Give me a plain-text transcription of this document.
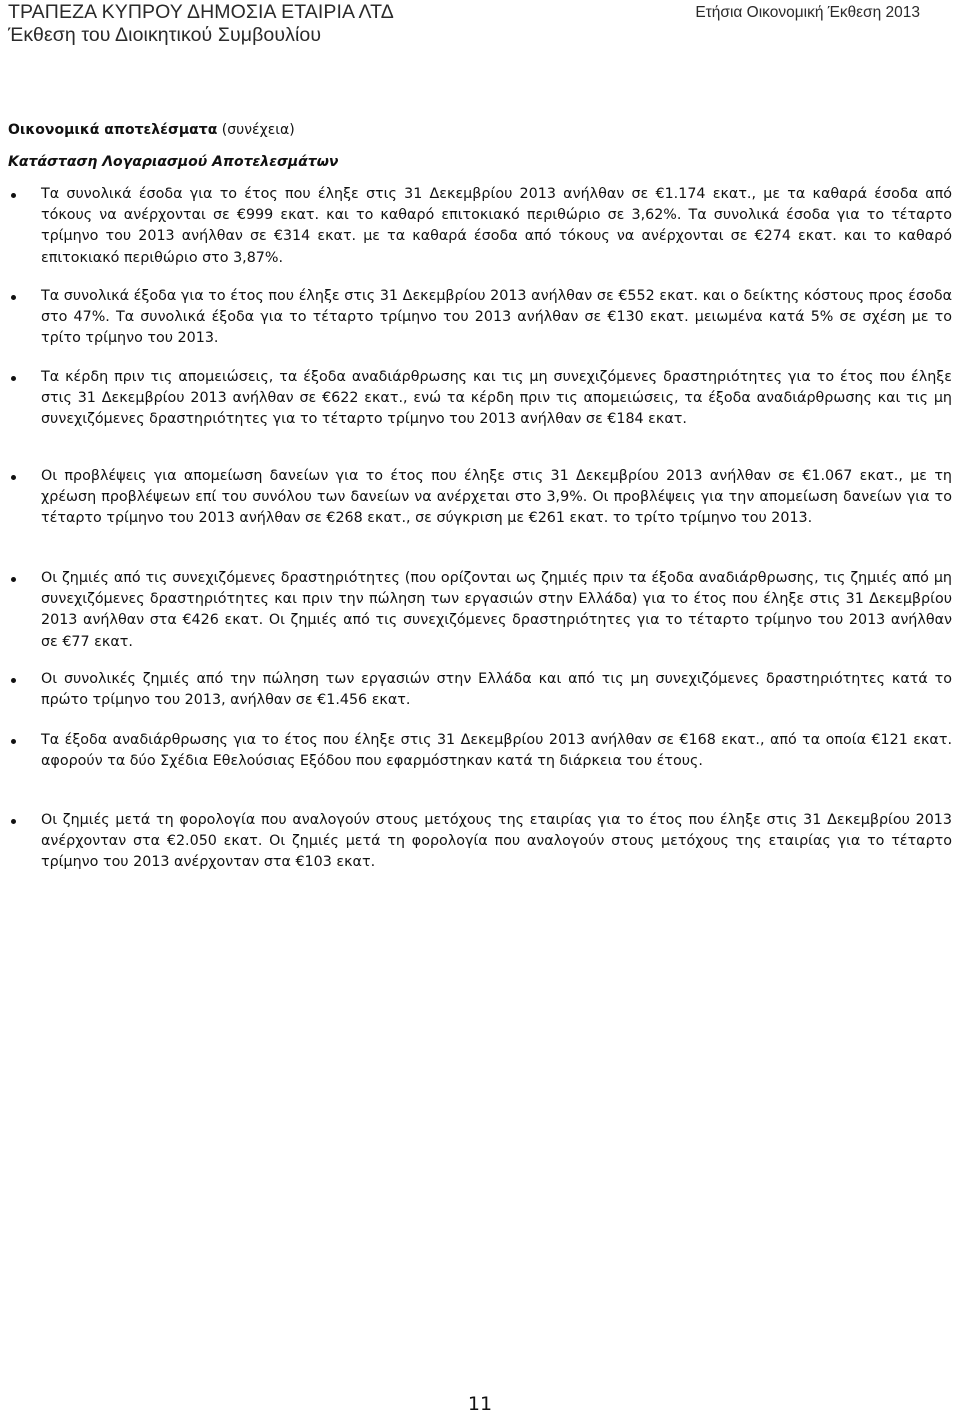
ΤΡΑΠΕΖΑ ΚΥΠΡΟΥ ΔΗΜΟΣΙΑ ΕΤΑΙΡΙΑ ΛΤΔ
Έκθεση του Διοικητικού Συμβουλίου
Ετήσια Οικονομική Έκθεση 2013
Οικονομικά αποτελέσματα (συνέχεια)
Κατάσταση Λογαριασμού Αποτελεσμάτων
Τα συνολικά έσοδα για το έτος που έληξε στις 31 Δεκεμβρίου 2013 ανήλθαν σε €1.174 εκατ., με τα καθαρά έσοδα από τόκους να ανέρχονται σε €999 εκατ. και το καθαρό επιτοκιακό περιθώριο σε 3,62%. Τα συνολικά έσοδα για το τέταρτο τρίμηνο του 2013 ανήλθαν σε €314 εκατ. με τα καθαρά έσοδα από τόκους να ανέρχονται σε €274 εκατ. και το καθαρό επιτοκιακό περιθώριο στο 3,87%.
Τα συνολικά έξοδα για το έτος που έληξε στις 31 Δεκεμβρίου 2013 ανήλθαν σε €552 εκατ. και ο δείκτης κόστους προς έσοδα στο 47%. Τα συνολικά έξοδα για το τέταρτο τρίμηνο του 2013 ανήλθαν σε €130 εκατ. μειωμένα κατά 5% σε σχέση με το τρίτο τρίμηνο του 2013.
Τα κέρδη πριν τις απομειώσεις, τα έξοδα αναδιάρθρωσης και τις μη συνεχιζόμενες δραστηριότητες για το έτος που έληξε στις 31 Δεκεμβρίου 2013 ανήλθαν σε €622 εκατ., ενώ τα κέρδη πριν τις απομειώσεις, τα έξοδα αναδιάρθρωσης και τις μη συνεχιζόμενες δραστηριότητες για το τέταρτο τρίμηνο του 2013 ανήλθαν σε €184 εκατ.
Οι προβλέψεις για απομείωση δανείων για το έτος που έληξε στις 31 Δεκεμβρίου 2013 ανήλθαν σε €1.067 εκατ., με τη χρέωση προβλέψεων επί του συνόλου των δανείων να ανέρχεται στο 3,9%. Οι προβλέψεις για την απομείωση δανείων για το τέταρτο τρίμηνο του 2013 ανήλθαν σε €268 εκατ., σε σύγκριση με €261 εκατ. το τρίτο τρίμηνο του 2013.
Οι ζημιές από τις συνεχιζόμενες δραστηριότητες (που ορίζονται ως ζημιές πριν τα έξοδα αναδιάρθρωσης, τις ζημιές από μη συνεχιζόμενες δραστηριότητες και πριν την πώληση των εργασιών στην Ελλάδα) για το έτος που έληξε στις 31 Δεκεμβρίου 2013 ανήλθαν στα €426 εκατ. Οι ζημιές από τις συνεχιζόμενες δραστηριότητες για το τέταρτο τρίμηνο του 2013 ανήλθαν σε €77 εκατ.
Οι συνολικές ζημιές από την πώληση των εργασιών στην Ελλάδα και από τις μη συνεχιζόμενες δραστηριότητες κατά το πρώτο τρίμηνο του 2013, ανήλθαν σε €1.456 εκατ.
Τα έξοδα αναδιάρθρωσης για το έτος που έληξε στις 31 Δεκεμβρίου 2013 ανήλθαν σε €168 εκατ., από τα οποία €121 εκατ. αφορούν τα δύο Σχέδια Εθελούσιας Εξόδου που εφαρμόστηκαν κατά τη διάρκεια του έτους.
Οι ζημιές μετά τη φορολογία που αναλογούν στους μετόχους της εταιρίας για το έτος που έληξε στις 31 Δεκεμβρίου 2013 ανέρχονταν στα €2.050 εκατ. Οι ζημιές μετά τη φορολογία που αναλογούν στους μετόχους της εταιρίας για το τέταρτο τρίμηνο του 2013 ανέρχονταν στα €103 εκατ.
11
